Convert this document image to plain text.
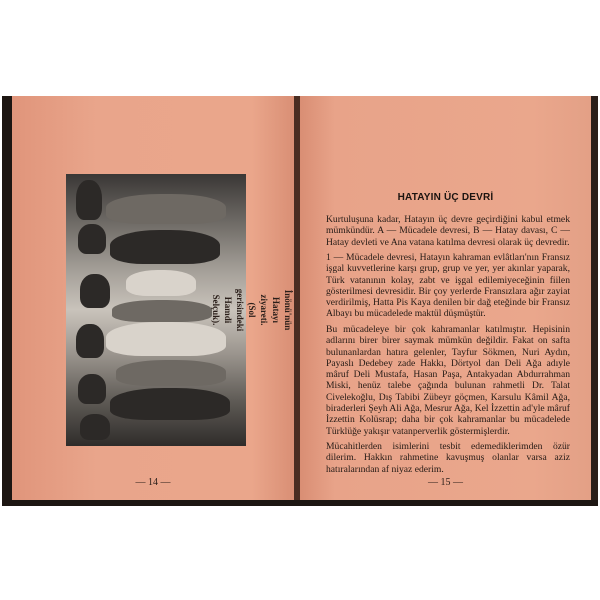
İnönü'nün Hatayı ziyareti. (Sol gerisindeki Hamdi Selçuk).
— 14 —
HATAYIN ÜÇ DEVRİ

Kurtuluşuna kadar, Hatayın üç devre geçirdiğini kabul etmek mümkündür. A — Mücadele devresi, B — Hatay davası, C — Hatay devleti ve Ana vatana katılma devresi olarak üç devredir.

1 — Mücadele devresi, Hatayın kahraman evlâtları'nın Fransız işgal kuvvetlerine karşı grup, grup ve yer, yer akınlar yaparak, Türk vatanının kolay, zabt ve işgal edilemiyeceğinin fiilen gösterilmesi devresidir. Bir çoy yerlerde Fransızlara ağır zayiat verdirilmiş, Hatta Pis Kaya denilen bir dağ eteğinde bir Fransız Albayı bu mücadelede maktül düşmüştür.

Bu mücadeleye bir çok kahramanlar katılmıştır. Hepisinin adlarını birer birer saymak mümkün değildir. Fakat on safta bulunanlardan hatıra gelenler, Tayfur Sökmen, Nuri Aydın, Payaslı Dedebey zade Hakkı, Dörtyol dan Deli Ağa adıyle mâruf Deli Mustafa, Hasan Paşa, Antakyadan Abdurrahman Miski, henüz talebe çağında bulunan rahmetli Dr. Talat Civelekoğlu, Dış Tabibi Zübeyr göçmen, Karsulu Kâmil Ağa, biraderleri Şeyh Ali Ağa, Mesrur Ağa, Kel İzzettin ad'yle mâruf İzzettin Kolüsrap; daha bir çok kahramanlar bu mücadelede Türklüğe yakışır vatanperverlik göstermişlerdir.

Mücahitlerden isimlerini tesbit edemediklerimden özür dilerim. Hakkın rahmetine kavuşmuş olanlar varsa aziz hatıralarından af niyaz ederim.

— 15 —
